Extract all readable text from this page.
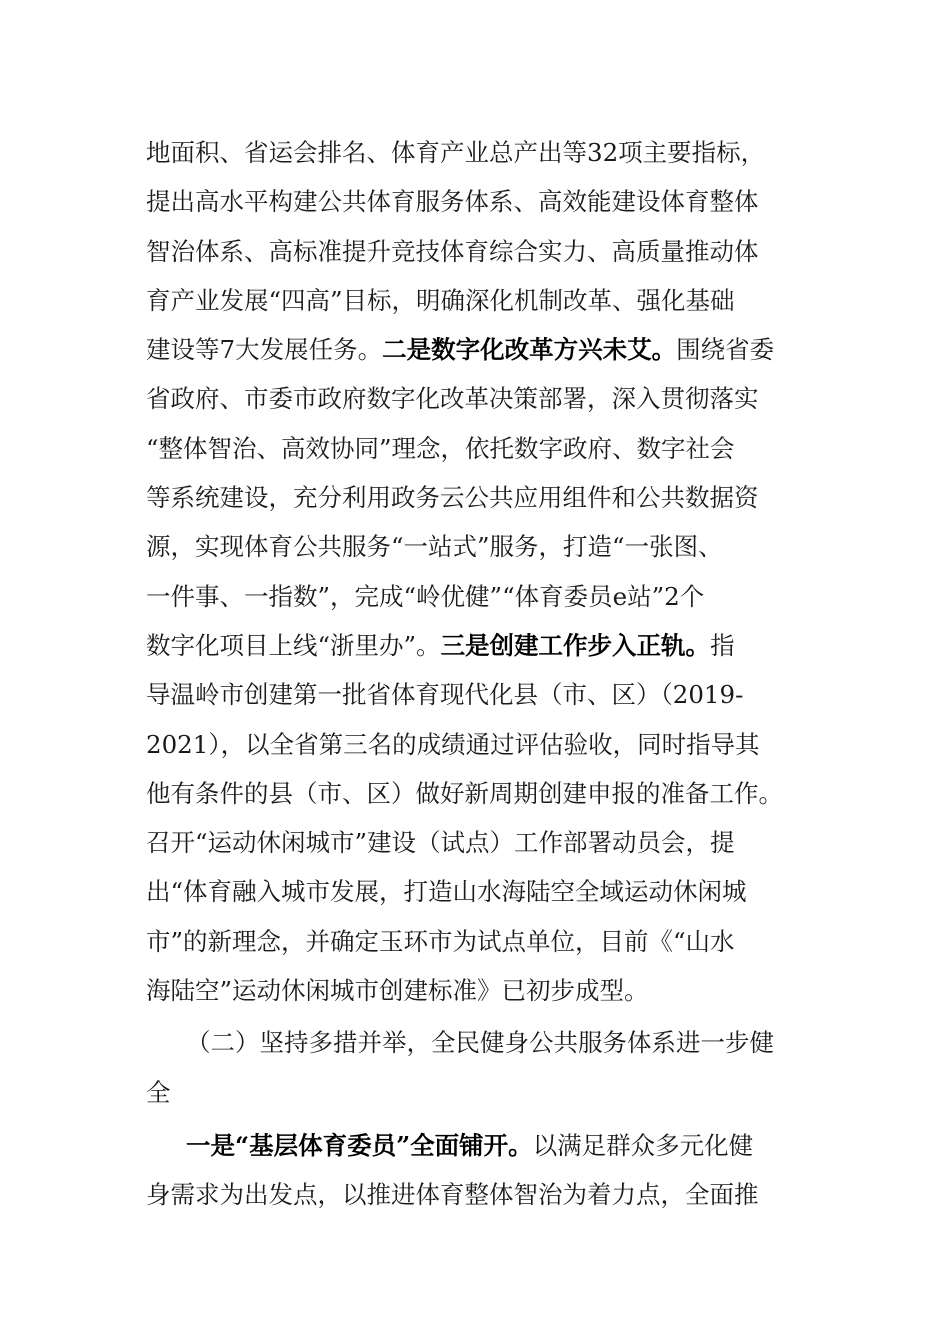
地面积、省运会排名、体育产业总产出等32项主要指标，
提出高水平构建公共体育服务体系、高效能建设体育整体
智治体系、高标准提升竞技体育综合实力、高质量推动体
育产业发展“四高”目标，明确深化机制改革、强化基础
建设等7大发展任务。二是数字化改革方兴未艾。围绕省委
省政府、市委市政府数字化改革决策部署，深入贯彻落实
“整体智治、高效协同”理念，依托数字政府、数字社会
等系统建设，充分利用政务云公共应用组件和公共数据资
源，实现体育公共服务“一站式”服务，打造“一张图、
一件事、一指数”，完成“岭优健”“体育委员e站”2个
数字化项目上线“浙里办”。三是创建工作步入正轨。指
导温岭市创建第一批省体育现代化县（市、区）（2019-
2021），以全省第三名的成绩通过评估验收，同时指导其
他有条件的县（市、区）做好新周期创建申报的准备工作。
召开“运动休闲城市”建设（试点）工作部署动员会，提
出“体育融入城市发展，打造山水海陆空全域运动休闲城
市”的新理念，并确定玉环市为试点单位，目前《“山水
海陆空”运动休闲城市创建标准》已初步成型。
（二）坚持多措并举，全民健身公共服务体系进一步健
全
一是“基层体育委员”全面铺开。以满足群众多元化健
身需求为出发点，以推进体育整体智治为着力点，全面推
